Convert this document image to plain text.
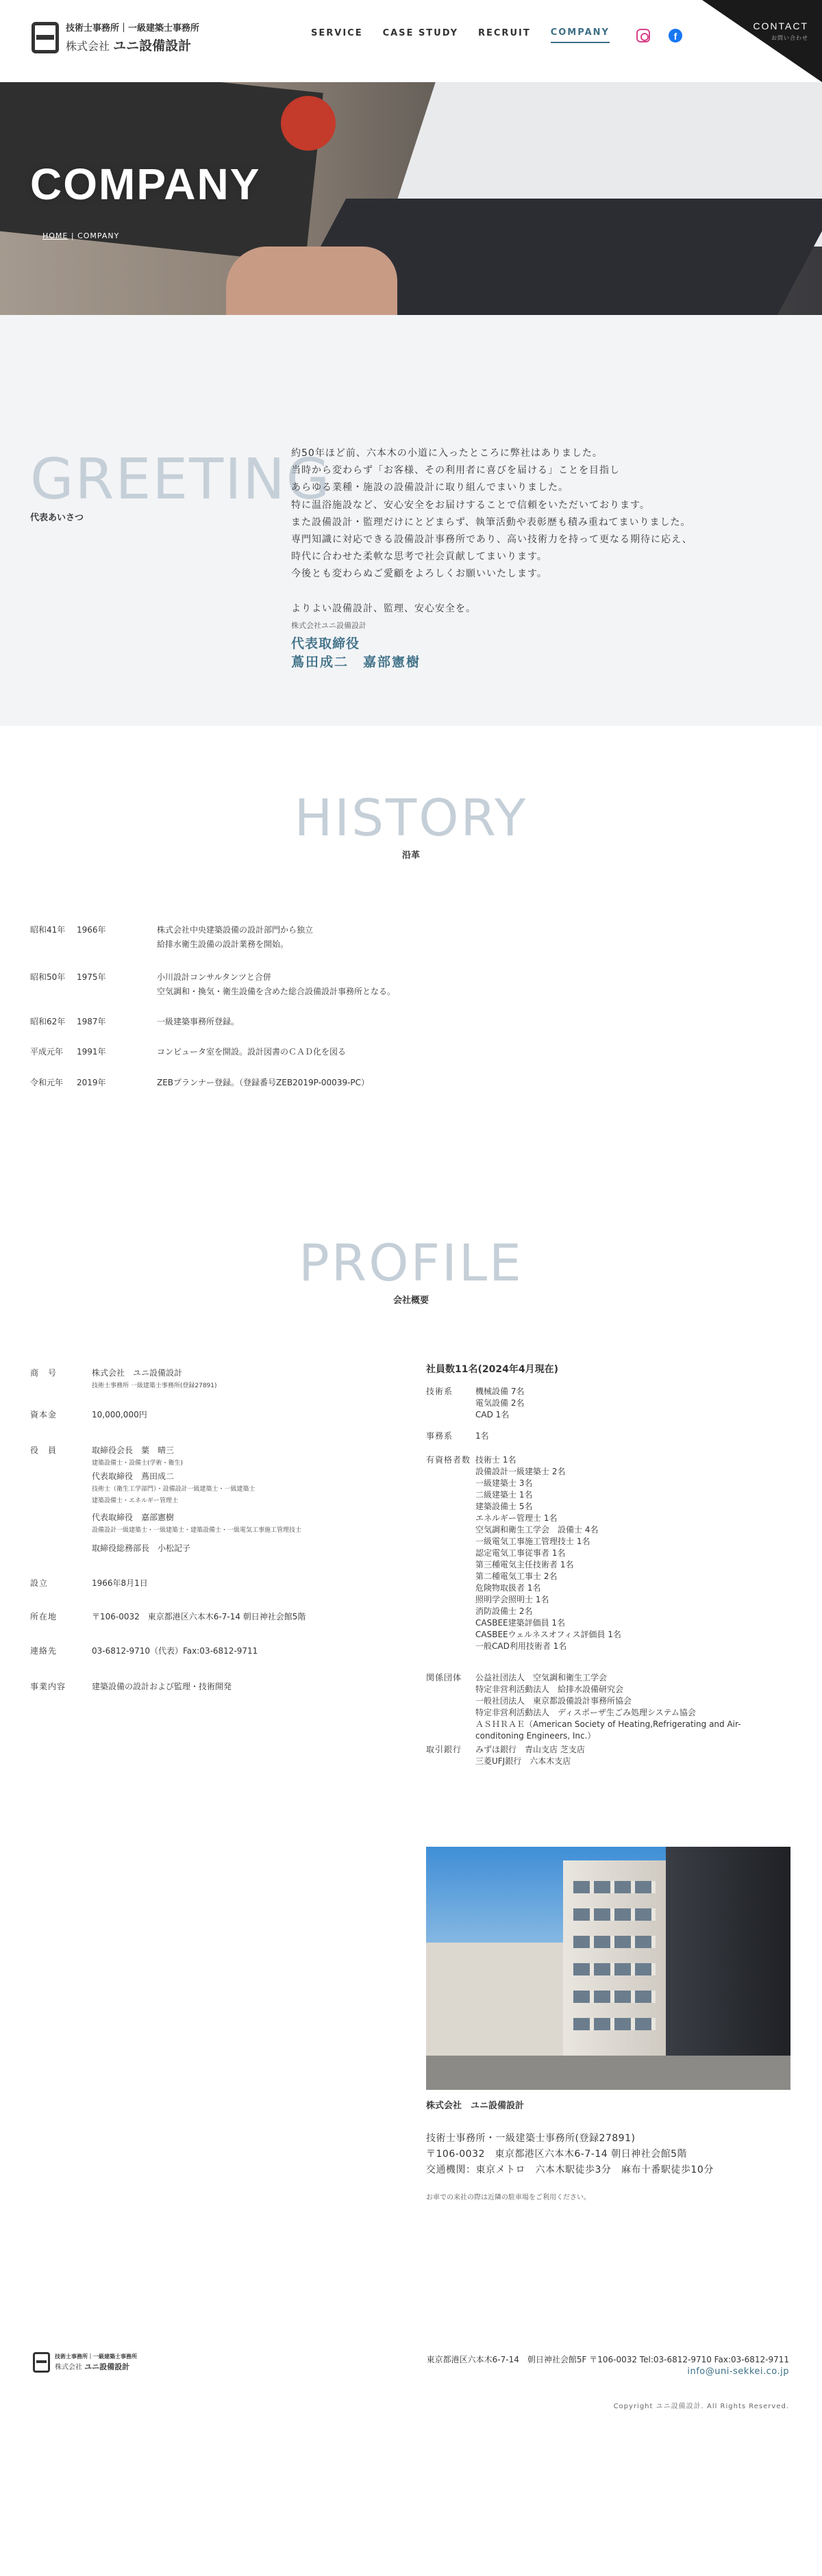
技術士事務所｜一級建築士事務所
株式会社 ユニ設備設計
SERVICE CASE STUDY RECRUIT COMPANY	f
CONTACT
お問い合わせ
COMPANY
HOME | COMPANY
GREETING
代表あいさつ

約50年ほど前、六本木の小道に入ったところに弊社はありました。

当時から変わらず「お客様、その利用者に喜びを届ける」ことを目指し

あらゆる業種・施設の設備設計に取り組んでまいりました。

特に温浴施設など、安心安全をお届けすることで信頼をいただいております。

また設備設計・監理だけにとどまらず、執筆活動や表彰歴も積み重ねてまいりました。

専門知識に対応できる設備設計事務所であり、高い技術力を持って更なる期待に応え、

時代に合わせた柔軟な思考で社会貢献してまいります。

今後とも変わらぬご愛顧をよろしくお願いいたします。

よりよい設備設計、監理、安心安全を。

株式会社ユニ設備設計
代表取締役
蔦田成二　嘉部憲樹
HISTORY
沿革
昭和41年	1966年	株式会社中央建築設備の設計部門から独立
給排水衛生設備の設計業務を開始。
昭和50年	1975年	小川設計コンサルタンツと合併
空気調和・換気・衛生設備を含めた総合設備設計事務所となる。
昭和62年	1987年	一級建築事務所登録。
平成元年	1991年	コンピュータ室を開設。設計図書のＣＡＤ化を図る
令和元年	2019年	ZEBプランナー登録。（登録番号ZEB2019P-00039-PC）
PROFILE
会社概要
商　号	株式会社　ユニ設備設計
技術士事務所 一級建築士事務所(登録27891)
資本金	10,000,000円
役　員	取締役会長　葉　晴三
建築設備士・設備士(学術・衛生)
代表取締役　蔦田成二
技術士（衛生工学部門）・設備設計一級建築士・一級建築士
建築設備士・エネルギー管理士
代表取締役　嘉部憲樹
設備設計一級建築士・一級建築士・建築設備士・一級電気工事施工管理技士
取締役総務部長　小松記子
設立	1966年8月1日
所在地	〒106-0032　東京都港区六本木6-7-14 朝日神社会館5階
連絡先	03-6812-9710（代表）Fax:03-6812-9711
事業内容	建築設備の設計および監理・技術開発
社員数11名(2024年4月現在)
技術系	機械設備 7名
電気設備 2名
CAD 1名
事務系	1名
有資格者数 技術士 1名
設備設計一級建築士 2名
一級建築士 3名
二級建築士 1名
建築設備士 5名
エネルギー管理士 1名
空気調和衛生工学会　設備士 4名
一級電気工事施工管理技士 1名
認定電気工事従事者 1名
第三種電気主任技術者 1名
第二種電気工事士 2名
危険物取扱者 1名
照明学会照明士 1名
消防設備士 2名
CASBEE建築評価員 1名
CASBEEウェルネスオフィス評価員 1名
一般CAD利用技術者 1名
関係団体	公益社団法人　空気調和衛生工学会
特定非営利活動法人　給排水設備研究会
一般社団法人　東京都設備設計事務所協会
特定非営利活動法人　ディスポーザ生ごみ処理システム協会
ＡＳＨＲＡＥ（American Society of Heating,Refrigerating and Air-
conditoning Engineers, Inc.）
取引銀行	みずほ銀行　青山支店 芝支店
三菱UFJ銀行　六本木支店
株式会社　ユニ設備設計
技術士事務所・一級建築士事務所(登録27891)
〒106-0032　東京都港区六本木6-7-14 朝日神社会館5階
交通機関：東京メトロ　六本木駅徒歩3分　麻布十番駅徒歩10分
お車での来社の際は近隣の駐車場をご利用ください。
技術士事務所｜一級建築士事務所
株式会社 ユニ設備設計
東京都港区六本木6-7-14　朝日神社会館5F 〒106-0032 Tel:03-6812-9710 Fax:03-6812-9711
info@uni-sekkei.co.jp
Copyright ユニ設備設計. All Rights Reserved.
